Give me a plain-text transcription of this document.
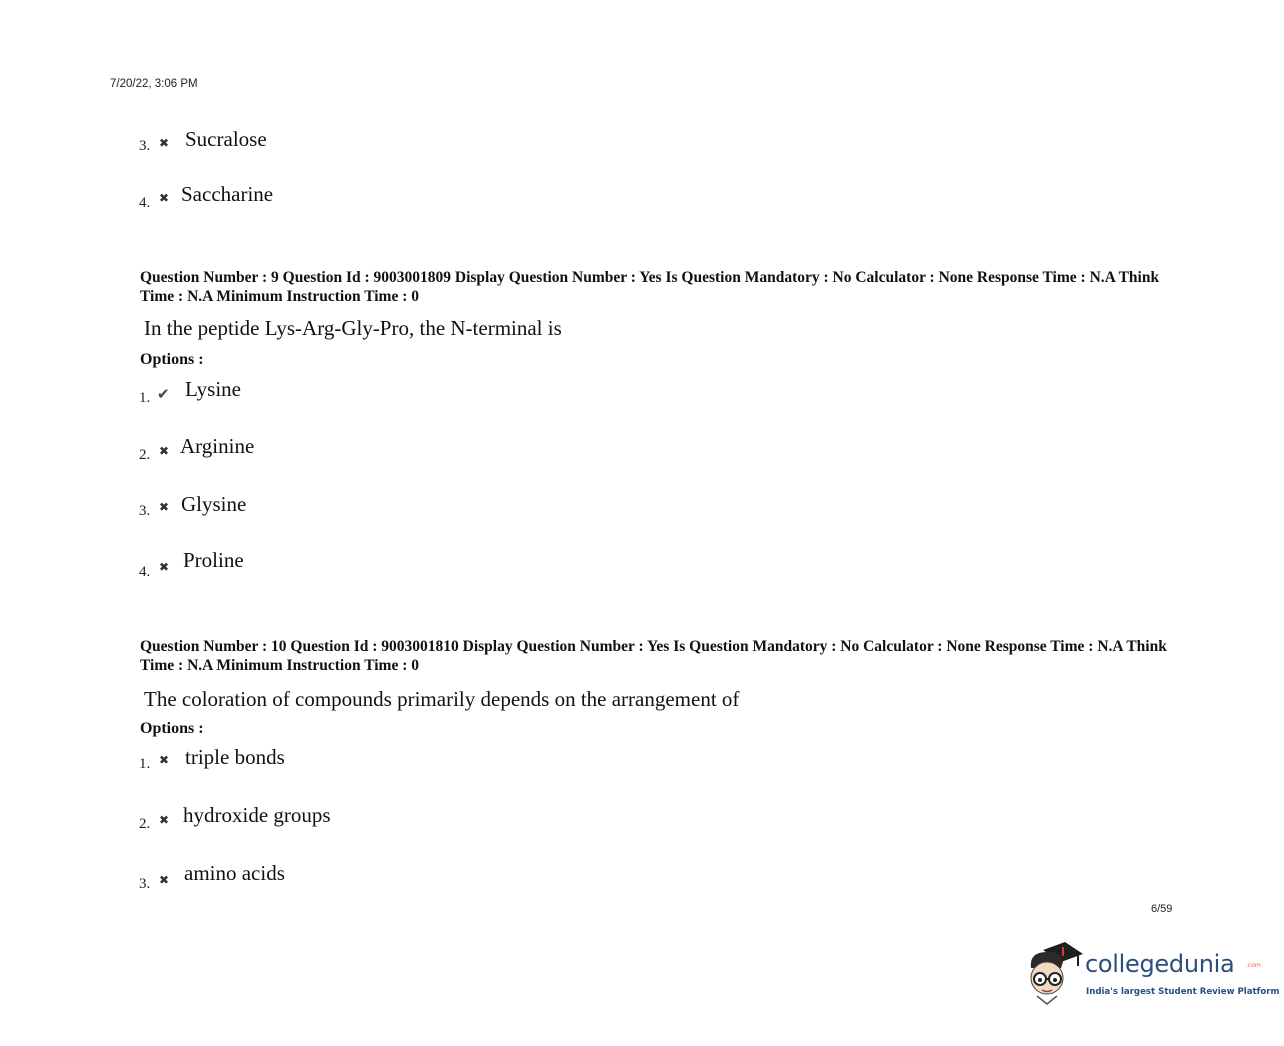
7/20/22, 3:06 PM
3. ✖ Sucralose
4. ✖ Saccharine
Question Number : 9 Question Id : 9003001809 Display Question Number : Yes Is Question Mandatory : No Calculator : None Response Time : N.A Think Time : N.A Minimum Instruction Time : 0
In the peptide Lys-Arg-Gly-Pro, the N-terminal is
Options :
1. ✔ Lysine
2. ✖ Arginine
3. ✖ Glysine
4. ✖ Proline
Question Number : 10 Question Id : 9003001810 Display Question Number : Yes Is Question Mandatory : No Calculator : None Response Time : N.A Think Time : N.A Minimum Instruction Time : 0
The coloration of compounds primarily depends on the arrangement of
Options :
1. ✖ triple bonds
2. ✖ hydroxide groups
3. ✖ amino acids
6/59
collegedunia .com
India's largest Student Review Platform
